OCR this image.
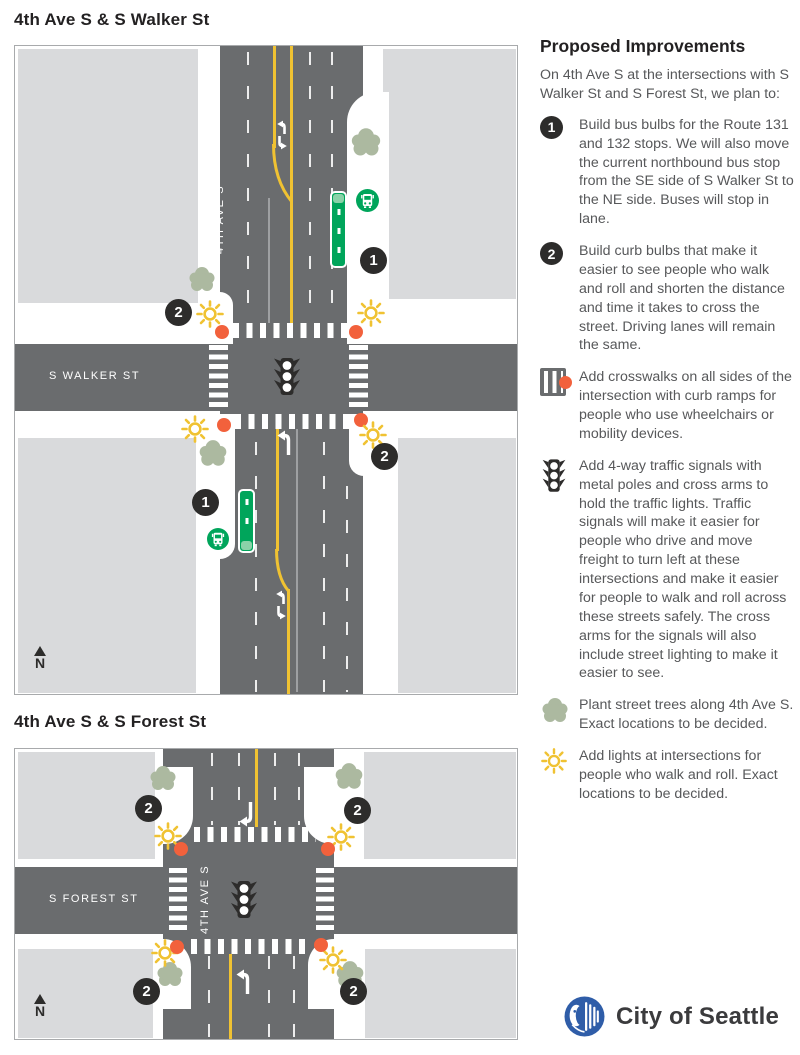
4th Ave S & S Walker St
4TH AVE S
S WALKER ST
1
2
1
2
N
4th Ave S & S Forest St
4TH AVE S
S FOREST ST
2	2
2	2
N
Proposed Improvements

On 4th Ave S at the intersections with S Walker St and S Forest St, we plan to:

1	Build bus bulbs for the Route 131 and 132 stops. We will also move the current northbound bus stop from the SE side of S Walker St to the NE side. Buses will stop in lane.

2	Build curb bulbs that make it easier to see people who walk and roll and shorten the distance and time it takes to cross the street. Driving lanes will remain the same.

Add crosswalks on all sides of the intersection with curb ramps for people who use wheelchairs or mobility devices.

Add 4-way traffic signals with metal poles and cross arms to hold the traffic lights. Traffic signals will make it easier for people who drive and move freight to turn left at these intersections and make it easier for people to walk and roll across these streets safely. The cross arms for the signals will also include street lighting to make it easier to see.

Plant street trees along 4th Ave S. Exact locations to be decided.

Add lights at intersections for people who walk and roll. Exact locations to be decided.

City of Seattle
